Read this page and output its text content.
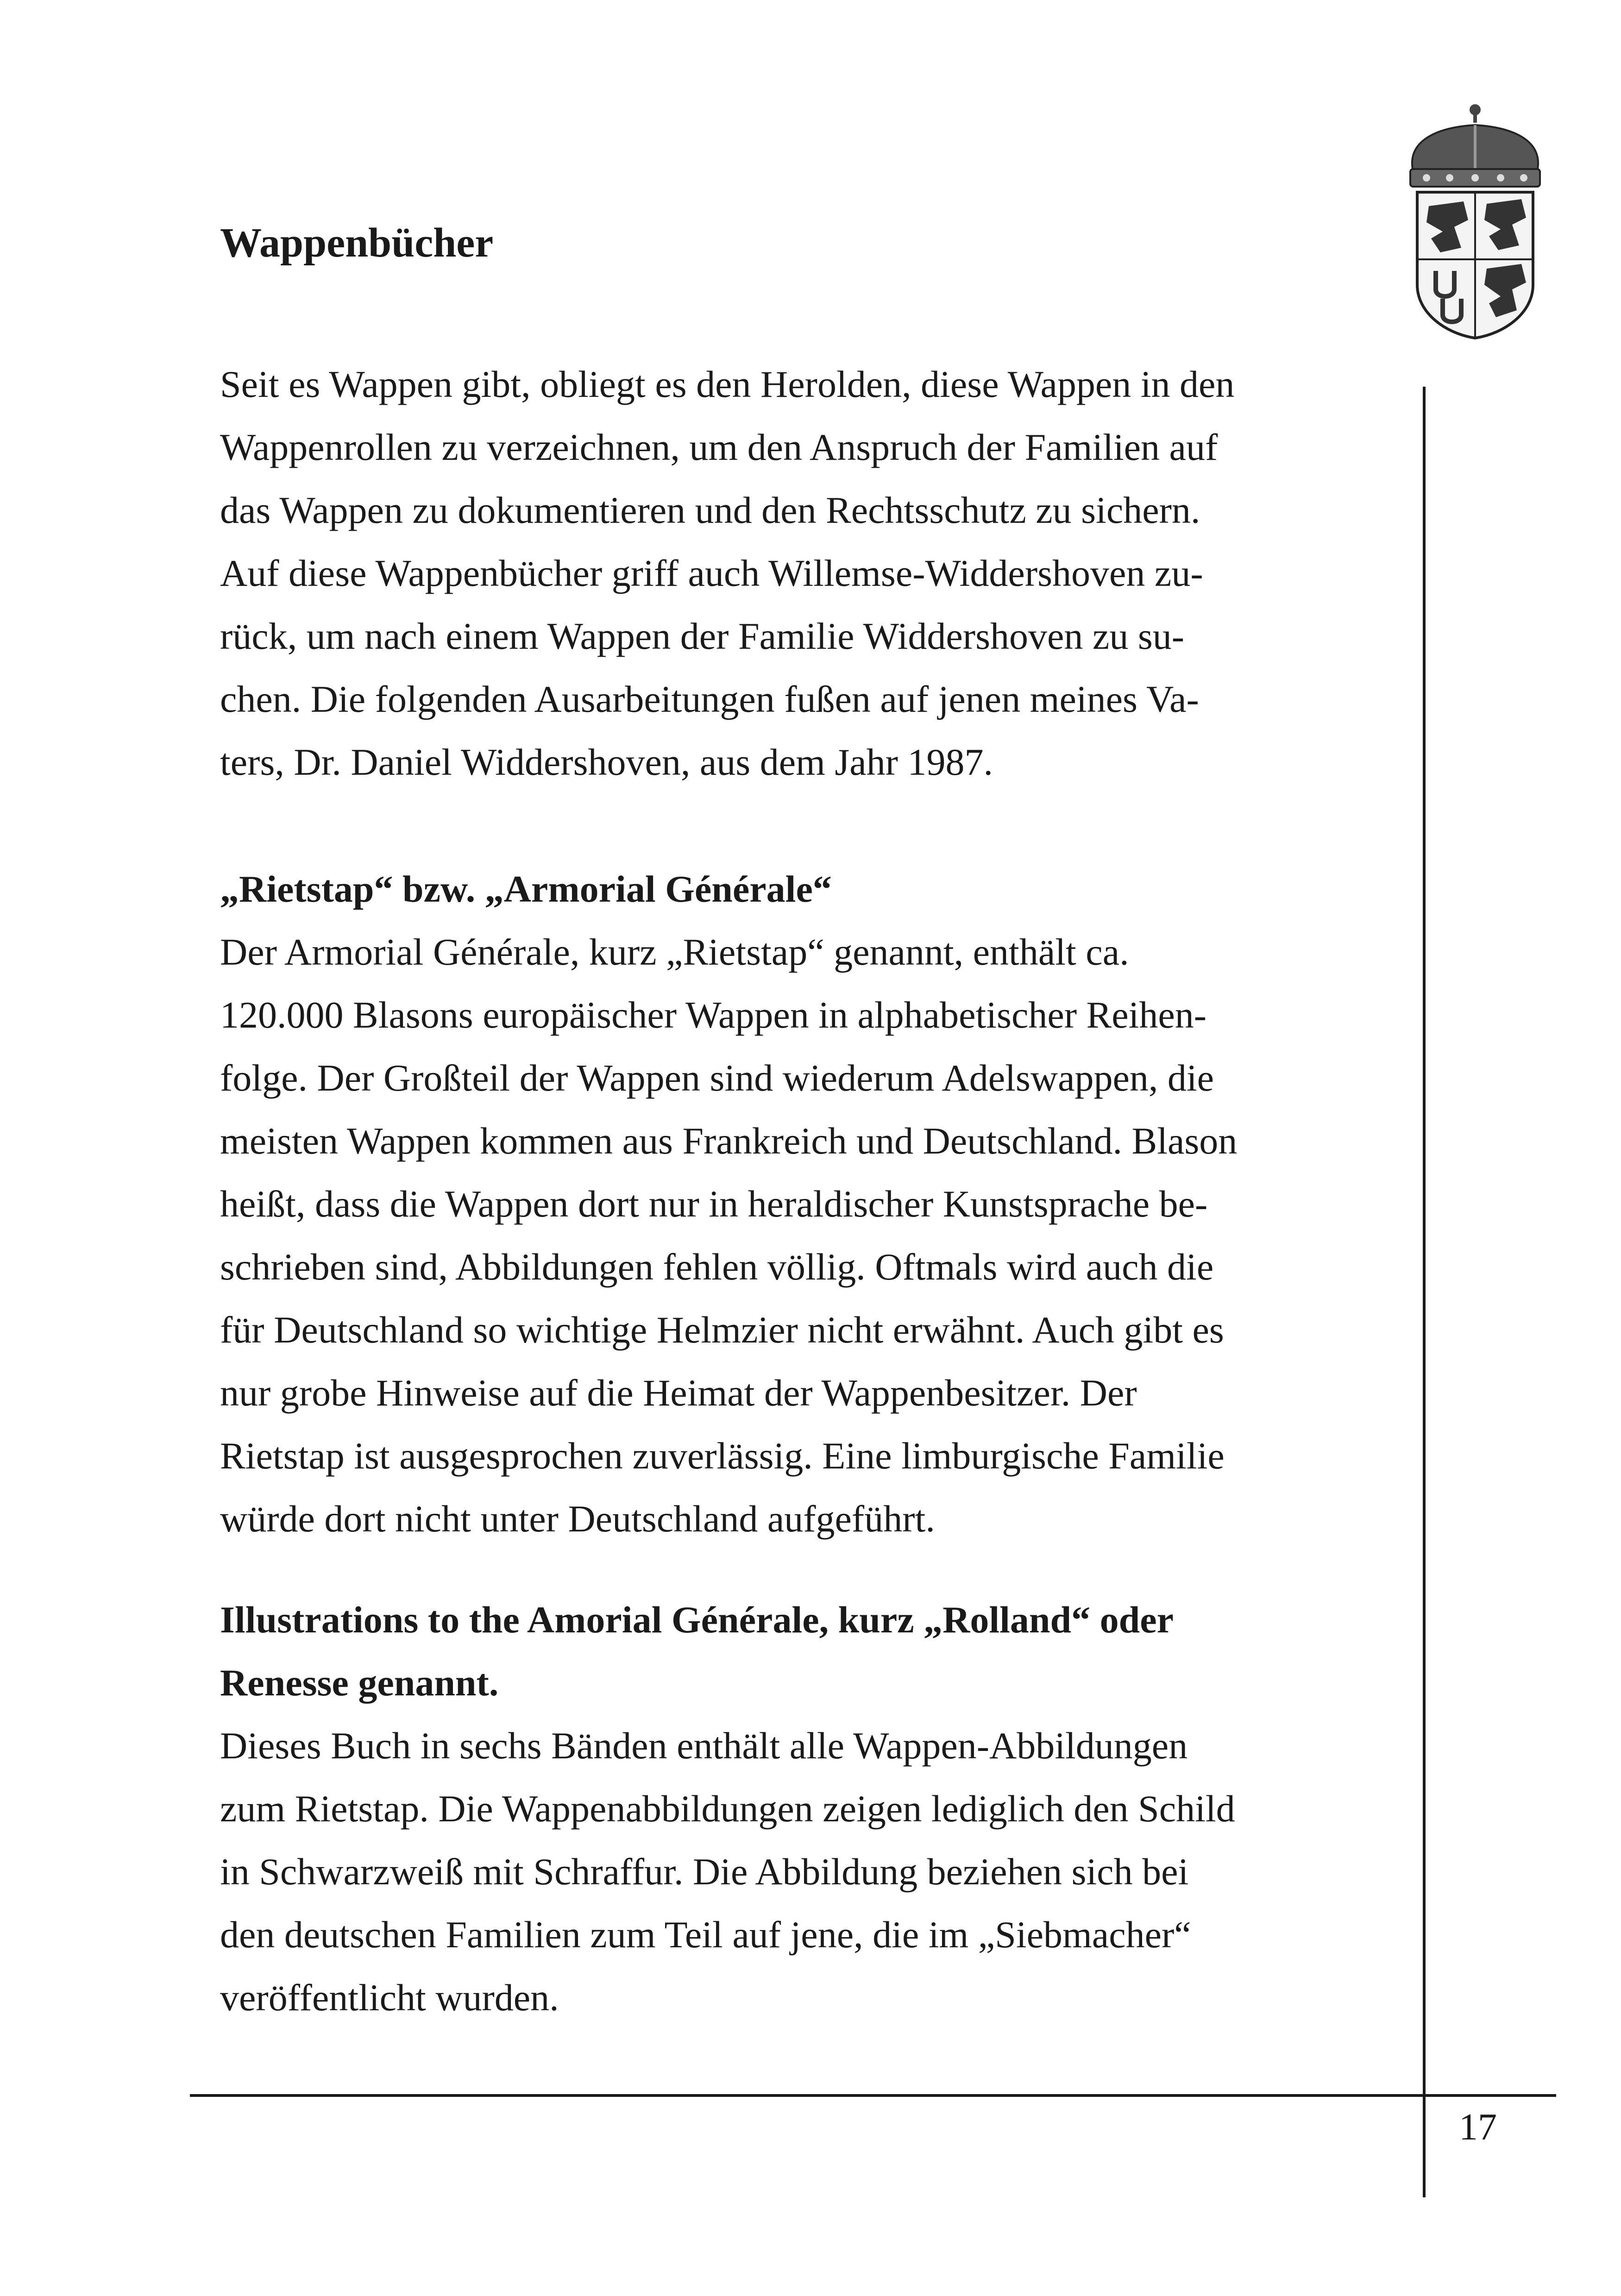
Wappenbücher

Seit es Wappen gibt, obliegt es den Herolden, diese Wappen in den

Wappenrollen zu verzeichnen, um den Anspruch der Familien auf

das Wappen zu dokumentieren und den Rechtsschutz zu sichern.

Auf diese Wappenbücher griff auch Willemse-Widdershoven zu-

rück, um nach einem Wappen der Familie Widdershoven zu su-

chen. Die folgenden Ausarbeitungen fußen auf jenen meines Va-

ters, Dr. Daniel Widdershoven, aus dem Jahr 1987.

„Rietstap“ bzw. „Armorial Générale“

Der Armorial Générale, kurz „Rietstap“ genannt, enthält ca.

120.000 Blasons europäischer Wappen in alphabetischer Reihen-

folge. Der Großteil der Wappen sind wiederum Adelswappen, die

meisten Wappen kommen aus Frankreich und Deutschland. Blason

heißt, dass die Wappen dort nur in heraldischer Kunstsprache be-

schrieben sind, Abbildungen fehlen völlig. Oftmals wird auch die

für Deutschland so wichtige Helmzier nicht erwähnt. Auch gibt es

nur grobe Hinweise auf die Heimat der Wappenbesitzer. Der

Rietstap ist ausgesprochen zuverlässig. Eine limburgische Familie

würde dort nicht unter Deutschland aufgeführt.

Illustrations to the Amorial Générale, kurz „Rolland“ oder

Renesse genannt.

Dieses Buch in sechs Bänden enthält alle Wappen-Abbildungen

zum Rietstap. Die Wappenabbildungen zeigen lediglich den Schild

in Schwarzweiß mit Schraffur. Die Abbildung beziehen sich bei

den deutschen Familien zum Teil auf jene, die im „Siebmacher“

veröffentlicht wurden.

17
